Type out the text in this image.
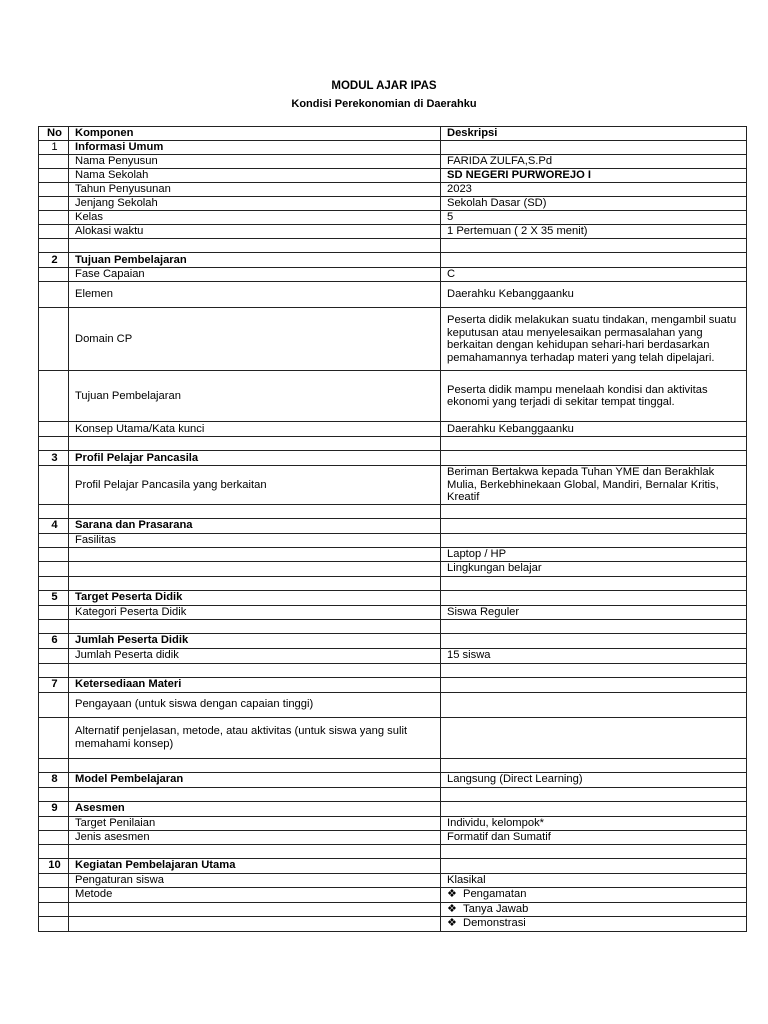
MODUL AJAR IPAS
Kondisi Perekonomian di Daerahku
No	Komponen	Deskripsi
1	Informasi Umum	
	Nama Penyusun	FARIDA ZULFA,S.Pd
	Nama Sekolah	SD NEGERI PURWOREJO I
	Tahun Penyusunan	2023
	Jenjang Sekolah	Sekolah Dasar (SD)
	Kelas	5
	Alokasi waktu	1 Pertemuan ( 2 X 35 menit)

2	Tujuan Pembelajaran	
	Fase Capaian	C
	Elemen	Daerahku Kebanggaanku
	Domain CP	Peserta didik melakukan suatu tindakan, mengambil suatu keputusan atau menyelesaikan permasalahan yang berkaitan dengan kehidupan sehari-hari berdasarkan pemahamannya terhadap materi yang telah dipelajari.
	Tujuan Pembelajaran	Peserta didik mampu menelaah kondisi dan aktivitas ekonomi yang terjadi di sekitar tempat tinggal.
	Konsep Utama/Kata kunci	Daerahku Kebanggaanku

3	Profil Pelajar Pancasila	
	Profil Pelajar Pancasila yang berkaitan	Beriman Bertakwa kepada Tuhan YME dan Berakhlak Mulia, Berkebhinekaan Global, Mandiri, Bernalar Kritis, Kreatif

4	Sarana dan Prasarana	
	Fasilitas	
		Laptop / HP
		Lingkungan belajar

5	Target Peserta Didik	
	Kategori Peserta Didik	Siswa Reguler

6	Jumlah Peserta Didik	
	Jumlah Peserta didik	15 siswa

7	Ketersediaan Materi	
	Pengayaan (untuk siswa dengan capaian tinggi)	
	Alternatif penjelasan, metode, atau aktivitas (untuk siswa yang sulit memahami konsep)	

8	Model Pembelajaran	Langsung (Direct Learning)

9	Asesmen	
	Target Penilaian	Individu, kelompok*
	Jenis asesmen	Formatif dan Sumatif

10	Kegiatan Pembelajaran Utama	
	Pengaturan siswa	Klasikal
	Metode	❖ Pengamatan
		❖ Tanya Jawab
		❖ Demonstrasi
